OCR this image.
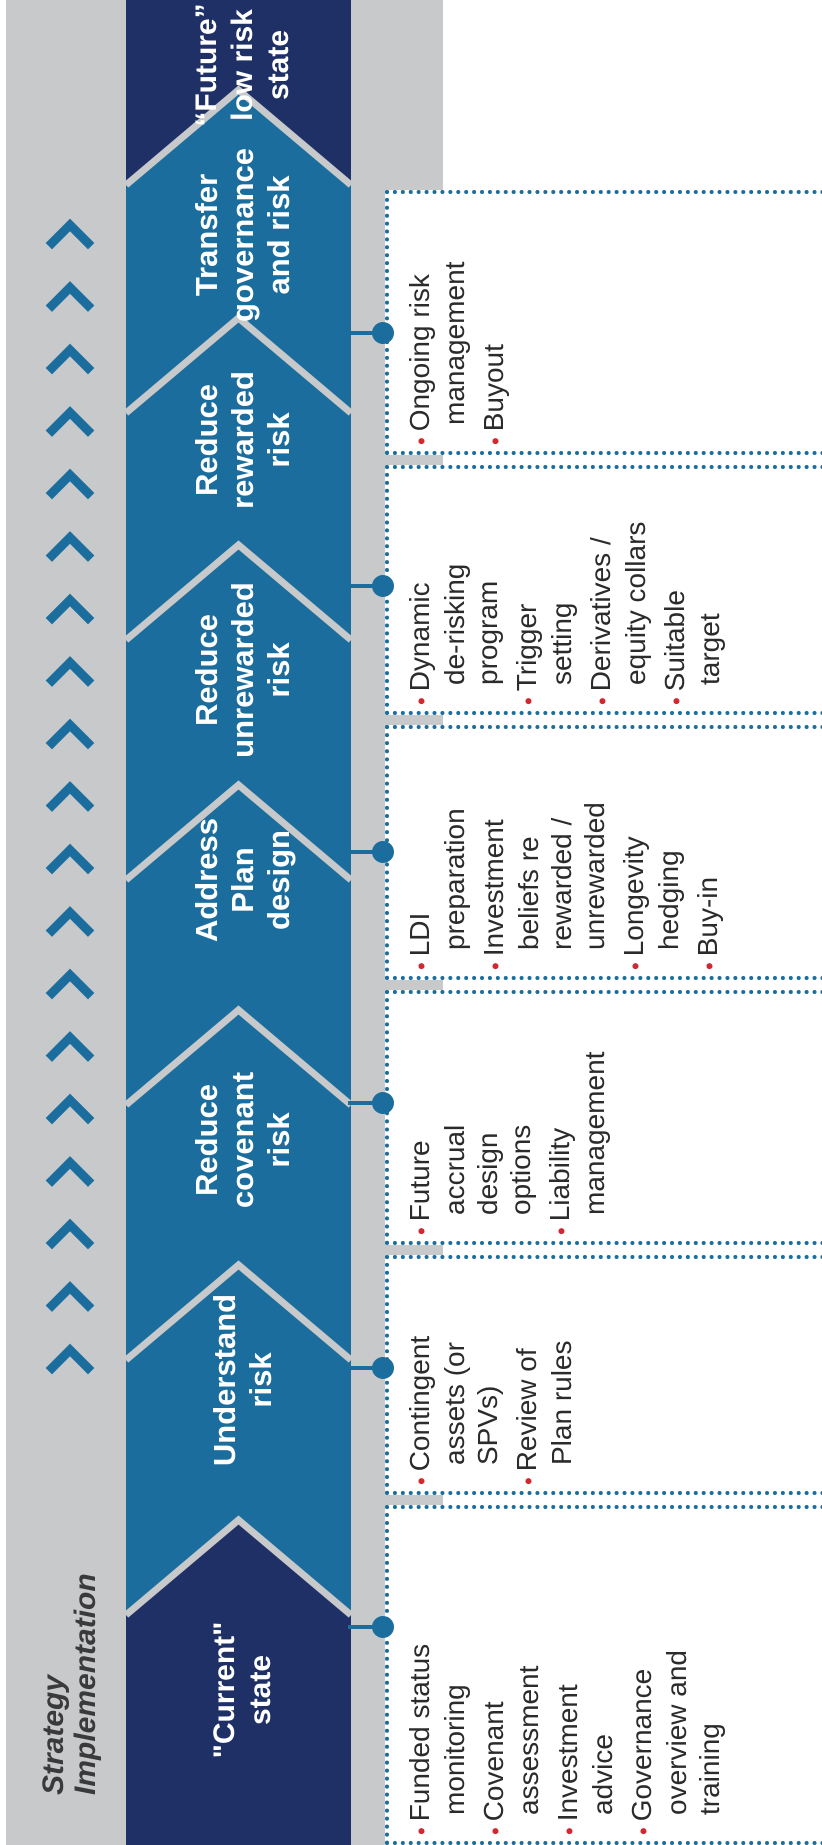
Strategy Implementation	"Current" state
Understand risk
Reduce covenant risk
Address Plan design
Reduce unrewarded risk
Reduce rewarded risk
Transfer governance and risk
“Future” low risk state
•Funded status monitoring
•Covenant assessment
•Investment advice
•Governance overview and training
•Contingent assets (or SPVs)
•Review of Plan rules
•Future accrual design options
•Liability management
•LDI preparation
•Investment beliefs re rewarded / unrewarded
•Longevity hedging
•Buy-in
•Dynamic de-risking program
•Trigger setting
•Derivatives / equity collars
•Suitable target
•Ongoing risk management
•Buyout
